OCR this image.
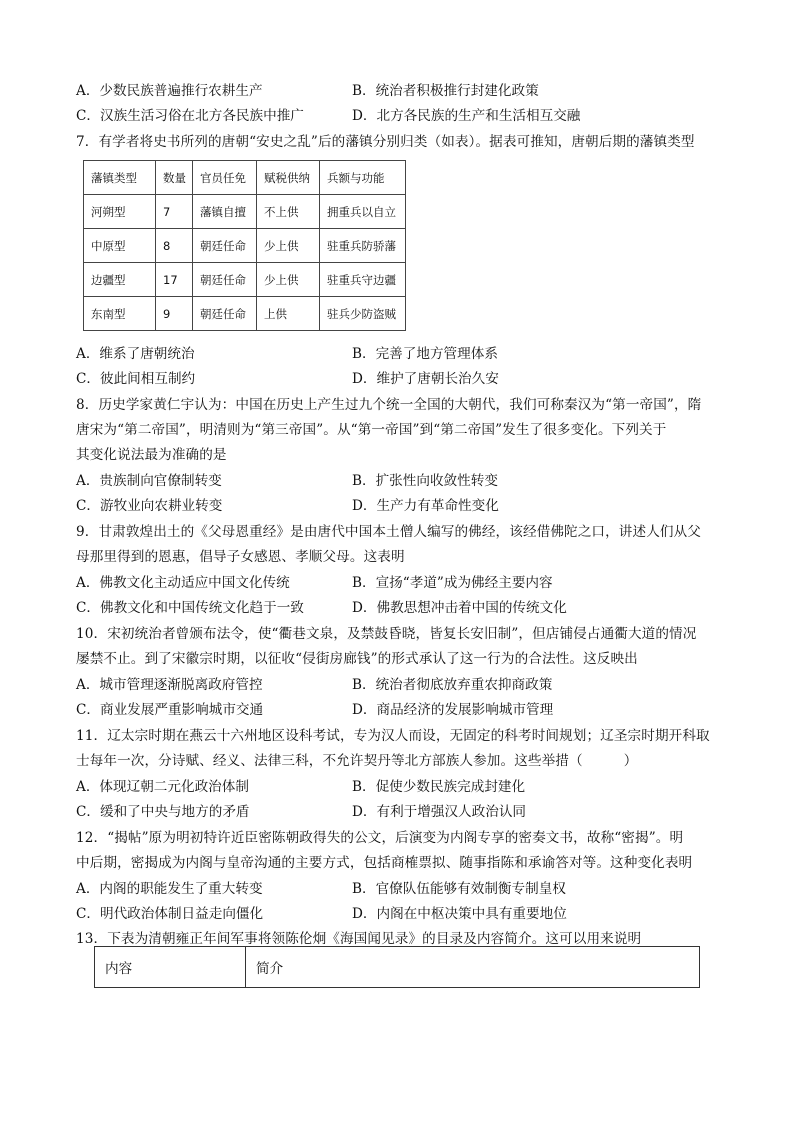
A．少数民族普遍推行农耕生产	B．统治者积极推行封建化政策
C．汉族生活习俗在北方各民族中推广	D．北方各民族的生产和生活相互交融
7．有学者将史书所列的唐朝“安史之乱”后的藩镇分别归类（如表）。据表可推知，唐朝后期的藩镇类型
藩镇类型	数量	官员任免	赋税供纳	兵额与功能
河朔型	7	藩镇自擅	不上供	拥重兵以自立
中原型	8	朝廷任命	少上供	驻重兵防骄藩
边疆型	17	朝廷任命	少上供	驻重兵守边疆
东南型	9	朝廷任命	上供	驻兵少防盗贼
A．维系了唐朝统治	B．完善了地方管理体系
C．彼此间相互制约	D．维护了唐朝长治久安
8．历史学家黄仁宇认为：中国在历史上产生过九个统一全国的大朝代，我们可称秦汉为“第一帝国”，隋
唐宋为“第二帝国”，明清则为“第三帝国”。从“第一帝国”到“第二帝国”发生了很多变化。下列关于
其变化说法最为准确的是
A．贵族制向官僚制转变	B．扩张性向收敛性转变
C．游牧业向农耕业转变	D．生产力有革命性变化
9．甘肃敦煌出土的《父母恩重经》是由唐代中国本土僧人编写的佛经，该经借佛陀之口，讲述人们从父
母那里得到的恩惠，倡导子女感恩、孝顺父母。这表明
A．佛教文化主动适应中国文化传统	B．宣扬“孝道”成为佛经主要内容
C．佛教文化和中国传统文化趋于一致	D．佛教思想冲击着中国的传统文化
10．宋初统治者曾颁布法令，使“衢巷文泉，及禁鼓昏晓，皆复长安旧制”，但店铺侵占通衢大道的情况
屡禁不止。到了宋徽宗时期，以征收“侵街房廊钱”的形式承认了这一行为的合法性。这反映出
A．城市管理逐渐脱离政府管控	B．统治者彻底放弃重农抑商政策
C．商业发展严重影响城市交通	D．商品经济的发展影响城市管理
11．辽太宗时期在燕云十六州地区设科考试，专为汉人而设，无固定的科考时间规划；辽圣宗时期开科取
士每年一次，分诗赋、经义、法律三科，不允许契丹等北方部族人参加。这些举措（　　　）
A．体现辽朝二元化政治体制	B．促使少数民族完成封建化
C．缓和了中央与地方的矛盾	D．有利于增强汉人政治认同
12．“揭帖”原为明初特许近臣密陈朝政得失的公文，后演变为内阁专享的密奏文书，故称“密揭”。明
中后期，密揭成为内阁与皇帝沟通的主要方式，包括商榷票拟、随事指陈和承谕答对等。这种变化表明
A．内阁的职能发生了重大转变	B．官僚队伍能够有效制衡专制皇权
C．明代政治体制日益走向僵化	D．内阁在中枢决策中具有重要地位
13．下表为清朝雍正年间军事将领陈伦炯《海国闻见录》的目录及内容简介。这可以用来说明
内容	简介
